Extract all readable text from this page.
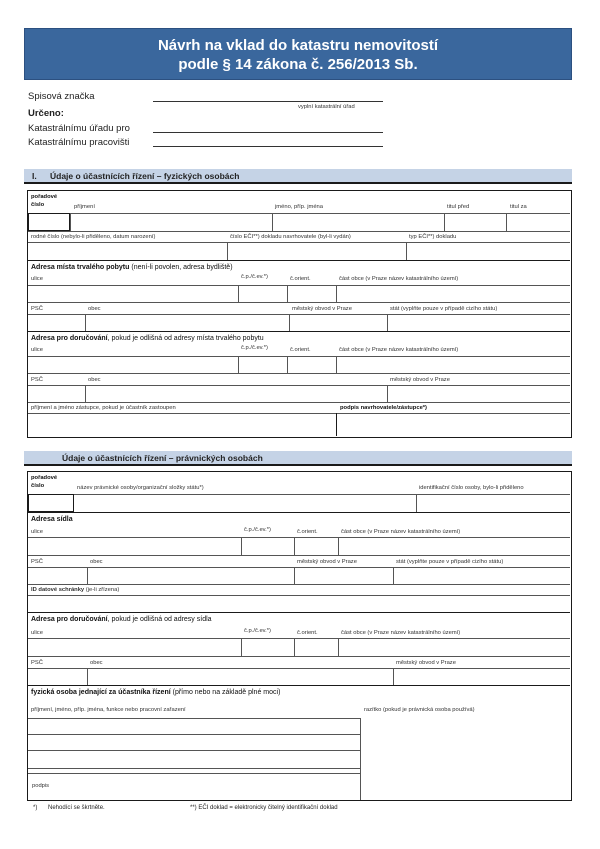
Návrh na vklad do katastru nemovitostí
podle § 14 zákona č. 256/2013 Sb.
Spisová značka
vyplní katastrální úřad
Určeno:
Katastrálnímu úřadu pro
Katastrálnímu pracovišti
I. Údaje o účastnících řízení – fyzických osobách
pořadové
číslo	příjmení	jméno, příp. jména	titul před	titul za
rodné číslo (nebylo-li přiděleno, datum narození)	číslo EČI**) dokladu navrhovatele (byl-li vydán)	typ EČI**) dokladu
Adresa místa trvalého pobytu (není-li povolen, adresa bydliště)
ulice	č.p./č.ev.*)	č.orient.	část obce (v Praze název katastrálního území)
PSČ	obec	městský obvod v Praze	stát (vyplňte pouze v případě cizího státu)
Adresa pro doručování, pokud je odlišná od adresy místa trvalého pobytu
ulice	č.p./č.ev.*)	č.orient.	část obce (v Praze název katastrálního území)
PSČ	obec	městský obvod v Praze
příjmení a jméno zástupce, pokud je účastník zastoupen	podpis navrhovatele/zástupce*)
Údaje o účastnících řízení – právnických osobách
pořadové
číslo	název právnické osoby/organizační složky státu*)	identifikační číslo osoby, bylo-li přiděleno
Adresa sídla
ulice	č.p./č.ev.*)	č.orient.	část obce (v Praze název katastrálního území)
PSČ	obec	městský obvod v Praze	stát (vyplňte pouze v případě cizího státu)
ID datové schránky (je-li zřízena)
Adresa pro doručování, pokud je odlišná od adresy sídla
ulice	č.p./č.ev.*)	č.orient.	část obce (v Praze název katastrálního území)
PSČ	obec	městský obvod v Praze
fyzická osoba jednající za účastníka řízení (přímo nebo na základě plné moci)
příjmení, jméno, příp. jména, funkce nebo pracovní zařazení	razítko (pokud je právnická osoba používá)
podpis
*) Nehodící se škrtněte.	**) EČI doklad = elektronicky čitelný identifikační doklad
